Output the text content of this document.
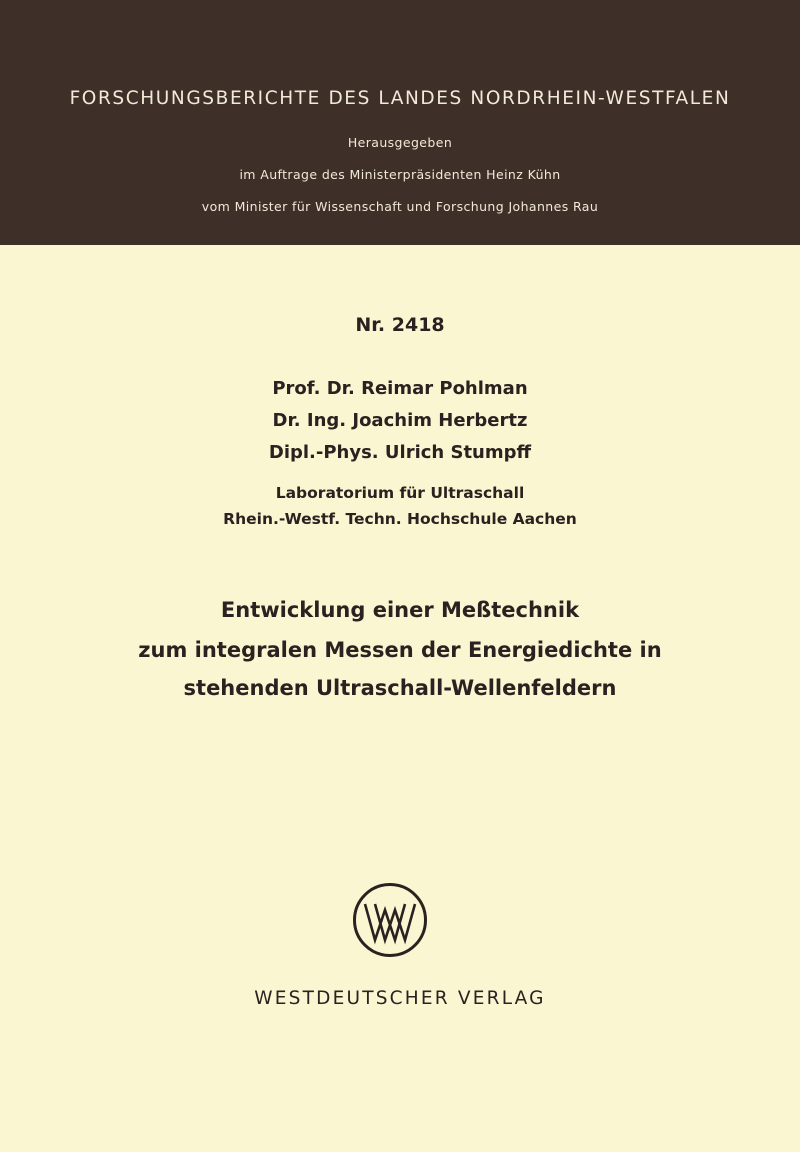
FORSCHUNGSBERICHTE DES LANDES NORDRHEIN-WESTFALEN
Herausgegeben
im Auftrage des Ministerpräsidenten Heinz Kühn
vom Minister für Wissenschaft und Forschung Johannes Rau
Nr. 2418
Prof. Dr. Reimar Pohlman
Dr. Ing. Joachim Herbertz
Dipl.-Phys. Ulrich Stumpff
Laboratorium für Ultraschall
Rhein.-Westf. Techn. Hochschule Aachen
Entwicklung einer Meßtechnik
zum integralen Messen der Energiedichte in
stehenden Ultraschall-Wellenfeldern
WESTDEUTSCHER VERLAG
